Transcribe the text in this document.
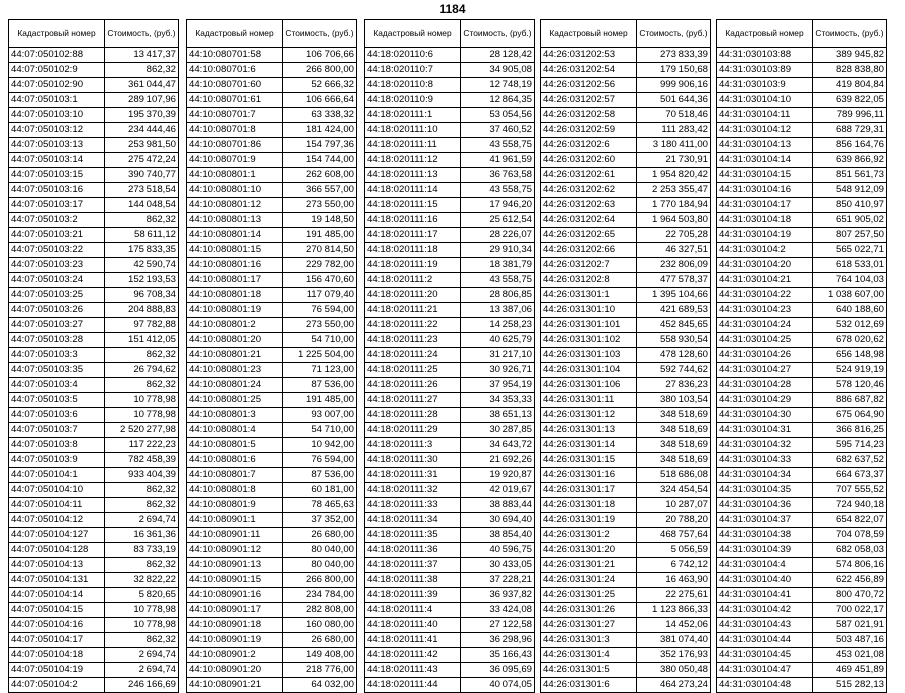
1184
Кадастровый номер	Стоимость, (руб.)
44:07:050102:88	13 417,37
44:07:050102:9	862,32
44:07:050102:90	361 044,47
44:07:050103:1	289 107,96
44:07:050103:10	195 370,39
44:07:050103:12	234 444,46
44:07:050103:13	253 981,50
44:07:050103:14	275 472,24
44:07:050103:15	390 740,77
44:07:050103:16	273 518,54
44:07:050103:17	144 048,54
44:07:050103:2	862,32
44:07:050103:21	58 611,12
44:07:050103:22	175 833,35
44:07:050103:23	42 590,74
44:07:050103:24	152 193,53
44:07:050103:25	96 708,34
44:07:050103:26	204 888,83
44:07:050103:27	97 782,88
44:07:050103:28	151 412,05
44:07:050103:3	862,32
44:07:050103:35	26 794,62
44:07:050103:4	862,32
44:07:050103:5	10 778,98
44:07:050103:6	10 778,98
44:07:050103:7	2 520 277,98
44:07:050103:8	117 222,23
44:07:050103:9	782 458,39
44:07:050104:1	933 404,39
44:07:050104:10	862,32
44:07:050104:11	862,32
44:07:050104:12	2 694,74
44:07:050104:127	16 361,36
44:07:050104:128	83 733,19
44:07:050104:13	862,32
44:07:050104:131	32 822,22
44:07:050104:14	5 820,65
44:07:050104:15	10 778,98
44:07:050104:16	10 778,98
44:07:050104:17	862,32
44:07:050104:18	2 694,74
44:07:050104:19	2 694,74
44:07:050104:2	246 166,69
Кадастровый номер	Стоимость, (руб.)
44:10:080701:58	106 706,66
44:10:080701:6	266 800,00
44:10:080701:60	52 666,32
44:10:080701:61	106 666,64
44:10:080701:7	63 338,32
44:10:080701:8	181 424,00
44:10:080701:86	154 797,36
44:10:080701:9	154 744,00
44:10:080801:1	262 608,00
44:10:080801:10	366 557,00
44:10:080801:12	273 550,00
44:10:080801:13	19 148,50
44:10:080801:14	191 485,00
44:10:080801:15	270 814,50
44:10:080801:16	229 782,00
44:10:080801:17	156 470,60
44:10:080801:18	117 079,40
44:10:080801:19	76 594,00
44:10:080801:2	273 550,00
44:10:080801:20	54 710,00
44:10:080801:21	1 225 504,00
44:10:080801:23	71 123,00
44:10:080801:24	87 536,00
44:10:080801:25	191 485,00
44:10:080801:3	93 007,00
44:10:080801:4	54 710,00
44:10:080801:5	10 942,00
44:10:080801:6	76 594,00
44:10:080801:7	87 536,00
44:10:080801:8	60 181,00
44:10:080801:9	78 465,63
44:10:080901:1	37 352,00
44:10:080901:11	26 680,00
44:10:080901:12	80 040,00
44:10:080901:13	80 040,00
44:10:080901:15	266 800,00
44:10:080901:16	234 784,00
44:10:080901:17	282 808,00
44:10:080901:18	160 080,00
44:10:080901:19	26 680,00
44:10:080901:2	149 408,00
44:10:080901:20	218 776,00
44:10:080901:21	64 032,00
Кадастровый номер	Стоимость, (руб.)
44:18:020110:6	28 128,42
44:18:020110:7	34 905,08
44:18:020110:8	12 748,19
44:18:020110:9	12 864,35
44:18:020111:1	53 054,56
44:18:020111:10	37 460,52
44:18:020111:11	43 558,75
44:18:020111:12	41 961,59
44:18:020111:13	36 763,58
44:18:020111:14	43 558,75
44:18:020111:15	17 946,20
44:18:020111:16	25 612,54
44:18:020111:17	28 226,07
44:18:020111:18	29 910,34
44:18:020111:19	18 381,79
44:18:020111:2	43 558,75
44:18:020111:20	28 806,85
44:18:020111:21	13 387,06
44:18:020111:22	14 258,23
44:18:020111:23	40 625,79
44:18:020111:24	31 217,10
44:18:020111:25	30 926,71
44:18:020111:26	37 954,19
44:18:020111:27	34 353,33
44:18:020111:28	38 651,13
44:18:020111:29	30 287,85
44:18:020111:3	34 643,72
44:18:020111:30	21 692,26
44:18:020111:31	19 920,87
44:18:020111:32	42 019,67
44:18:020111:33	38 883,44
44:18:020111:34	30 694,40
44:18:020111:35	38 854,40
44:18:020111:36	40 596,75
44:18:020111:37	30 433,05
44:18:020111:38	37 228,21
44:18:020111:39	36 937,82
44:18:020111:4	33 424,08
44:18:020111:40	27 122,58
44:18:020111:41	36 298,96
44:18:020111:42	35 166,43
44:18:020111:43	36 095,69
44:18:020111:44	40 074,05
Кадастровый номер	Стоимость, (руб.)
44:26:031202:53	273 833,39
44:26:031202:54	179 150,68
44:26:031202:56	999 906,16
44:26:031202:57	501 644,36
44:26:031202:58	70 518,46
44:26:031202:59	111 283,42
44:26:031202:6	3 180 411,00
44:26:031202:60	21 730,91
44:26:031202:61	1 954 820,42
44:26:031202:62	2 253 355,47
44:26:031202:63	1 770 184,94
44:26:031202:64	1 964 503,80
44:26:031202:65	22 705,28
44:26:031202:66	46 327,51
44:26:031202:7	232 806,09
44:26:031202:8	477 578,37
44:26:031301:1	1 395 104,66
44:26:031301:10	421 689,53
44:26:031301:101	452 845,65
44:26:031301:102	558 930,54
44:26:031301:103	478 128,60
44:26:031301:104	592 744,62
44:26:031301:106	27 836,23
44:26:031301:11	380 103,54
44:26:031301:12	348 518,69
44:26:031301:13	348 518,69
44:26:031301:14	348 518,69
44:26:031301:15	348 518,69
44:26:031301:16	518 686,08
44:26:031301:17	324 454,54
44:26:031301:18	10 287,07
44:26:031301:19	20 788,20
44:26:031301:2	468 757,64
44:26:031301:20	5 056,59
44:26:031301:21	6 742,12
44:26:031301:24	16 463,90
44:26:031301:25	22 275,61
44:26:031301:26	1 123 866,33
44:26:031301:27	14 452,06
44:26:031301:3	381 074,40
44:26:031301:4	352 176,93
44:26:031301:5	380 050,48
44:26:031301:6	464 273,24
Кадастровый номер	Стоимость, (руб.)
44:31:030103:88	389 945,82
44:31:030103:89	828 838,80
44:31:030103:9	419 804,84
44:31:030104:10	639 822,05
44:31:030104:11	789 996,11
44:31:030104:12	688 729,31
44:31:030104:13	856 164,76
44:31:030104:14	639 866,92
44:31:030104:15	851 561,73
44:31:030104:16	548 912,09
44:31:030104:17	850 410,97
44:31:030104:18	651 905,02
44:31:030104:19	807 257,50
44:31:030104:2	565 022,71
44:31:030104:20	618 533,01
44:31:030104:21	764 104,03
44:31:030104:22	1 038 607,00
44:31:030104:23	640 188,60
44:31:030104:24	532 012,69
44:31:030104:25	678 020,62
44:31:030104:26	656 148,98
44:31:030104:27	524 919,19
44:31:030104:28	578 120,46
44:31:030104:29	886 687,82
44:31:030104:30	675 064,90
44:31:030104:31	366 816,25
44:31:030104:32	595 714,23
44:31:030104:33	682 637,52
44:31:030104:34	664 673,37
44:31:030104:35	707 555,52
44:31:030104:36	724 940,18
44:31:030104:37	654 822,07
44:31:030104:38	704 078,59
44:31:030104:39	682 058,03
44:31:030104:4	574 806,16
44:31:030104:40	622 456,89
44:31:030104:41	800 470,72
44:31:030104:42	700 022,17
44:31:030104:43	587 021,91
44:31:030104:44	503 487,16
44:31:030104:45	453 021,08
44:31:030104:47	469 451,89
44:31:030104:48	515 282,13
